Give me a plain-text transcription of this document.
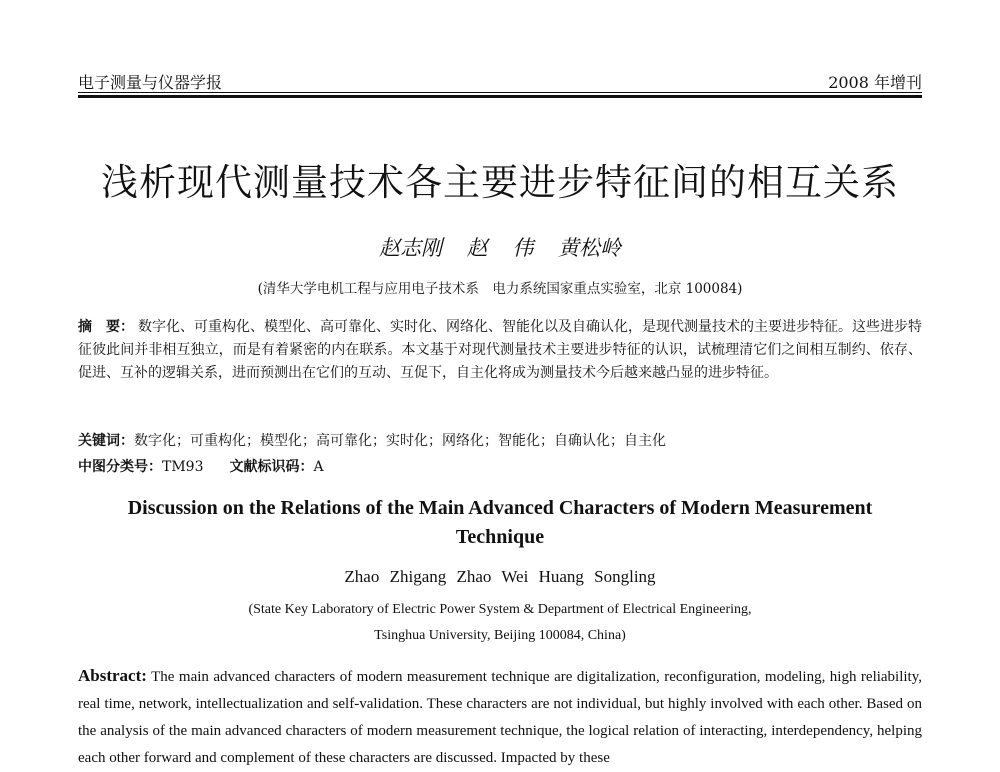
电子测量与仪器学报	2008 年增刊
浅析现代测量技术各主要进步特征间的相互关系
赵志刚 赵 伟 黄松岭
(清华大学电机工程与应用电子技术系　电力系统国家重点实验室，北京 100084)
摘　要： 数字化、可重构化、模型化、高可靠化、实时化、网络化、智能化以及自确认化，是现代测量技术的主要进步特征。这些进步特征彼此间并非相互独立，而是有着紧密的内在联系。本文基于对现代测量技术主要进步特征的认识，试梳理清它们之间相互制约、依存、促进、互补的逻辑关系，进而预测出在它们的互动、互促下，自主化将成为测量技术今后越来越凸显的进步特征。
关键词：数字化；可重构化；模型化；高可靠化；实时化；网络化；智能化；自确认化；自主化
中图分类号：TM93 文献标识码：A
Discussion on the Relations of the Main Advanced Characters of Modern Measurement Technique
Zhao Zhigang Zhao Wei Huang Songling
(State Key Laboratory of Electric Power System & Department of Electrical Engineering,
Tsinghua University, Beijing 100084, China)
Abstract: The main advanced characters of modern measurement technique are digitalization, reconfiguration, modeling, high reliability, real time, network, intellectualization and self-validation. These characters are not individual, but highly involved with each other. Based on the analysis of the main advanced characters of modern measurement technique, the logical relation of interacting, interdependency, helping each other forward and complement of these characters are discussed. Impacted by these
